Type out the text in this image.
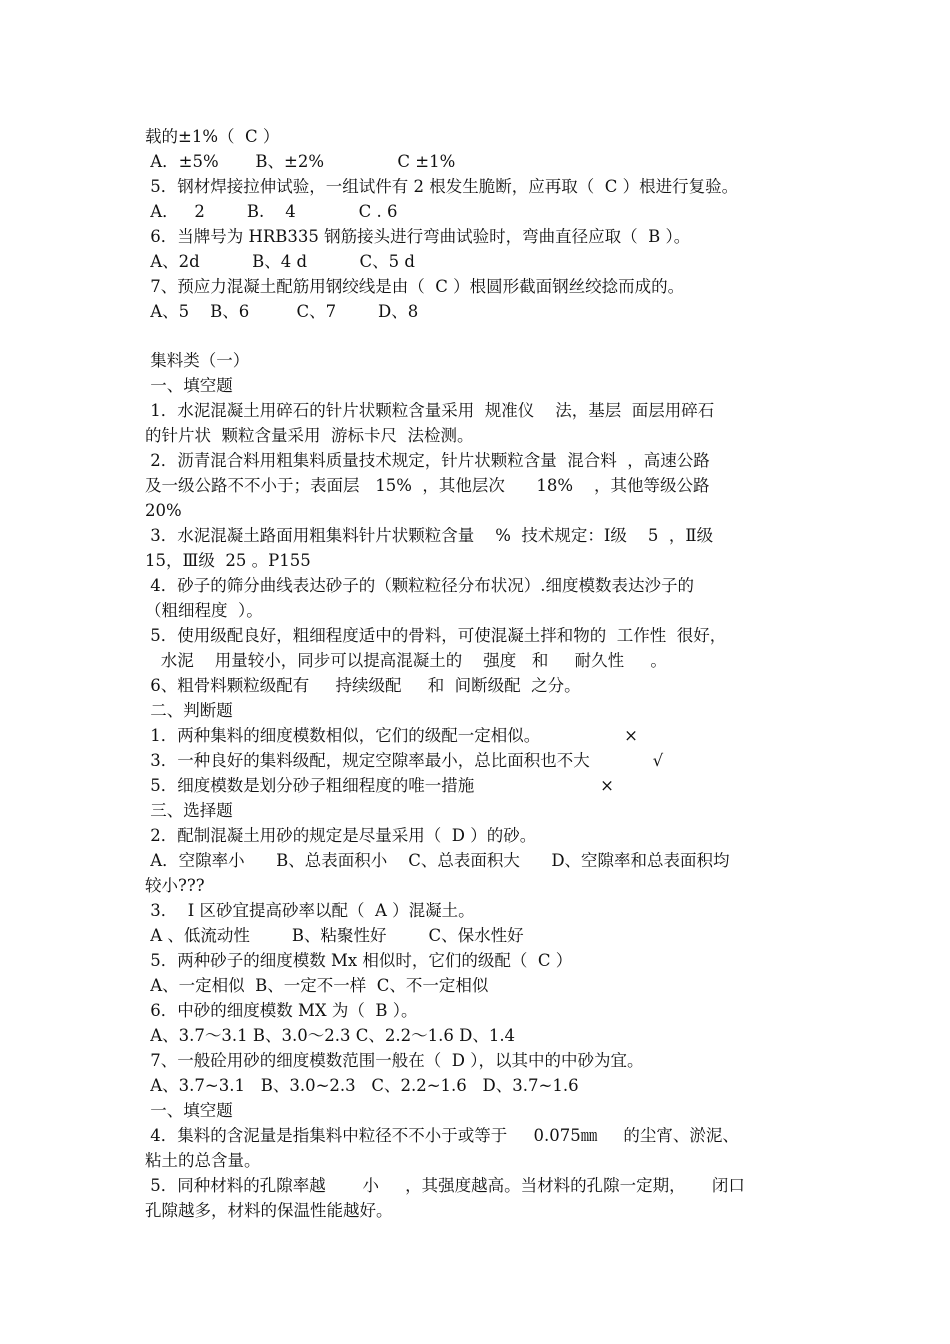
载的±1%（  C ）
A．±5%       B、±2%              C ±1%
5．钢材焊接拉伸试验，一组试件有 2 根发生脆断，应再取（  C ）根进行复验。
A．   2        B.    4            C . 6
6．当牌号为 HRB335 钢筋接头进行弯曲试验时，弯曲直径应取（  B ）。
A、2d          B、4 d          C、5 d
7、预应力混凝土配筋用钢绞线是由（  C ）根圆形截面钢丝绞捻而成的。
A、5    B、6         C、7        D、8
集料类（一）
一、填空题
1．水泥混凝土用碎石的针片状颗粒含量采用  规准仪    法，基层  面层用碎石
的针片状  颗粒含量采用  游标卡尺  法检测。
2．沥青混合料用粗集料质量技术规定，针片状颗粒含量  混合料  ，高速公路
及一级公路不不小于；表面层   15%  ，其他层次      18%    ，其他等级公路
20%
3．水泥混凝土路面用粗集料针片状颗粒含量    %  技术规定：Ⅰ级    5  ，Ⅱ级
15，Ⅲ级  25 。P155
4．砂子的筛分曲线表达砂子的（颗粒粒径分布状况）.细度模数表达沙子的
（粗细程度  ）。
5．使用级配良好，粗细程度适中的骨料，可使混凝土拌和物的  工作性  很好，
水泥    用量较小，同步可以提高混凝土的    强度   和     耐久性     。
6、粗骨料颗粒级配有     持续级配     和  间断级配  之分。
二、判断题
1．两种集料的细度模数相似，它们的级配一定相似。                ×
3．一种良好的集料级配，规定空隙率最小，总比面积也不大            √
5．细度模数是划分砂子粗细程度的唯一措施                        ×
三、选择题
2．配制混凝土用砂的规定是尽量采用（  D ）的砂。
A．空隙率小      B、总表面积小    C、总表面积大      D、空隙率和总表面积均
较小???
3．  I 区砂宜提高砂率以配（  A ）混凝土。
A 、低流动性        B、粘聚性好        C、保水性好
5．两种砂子的细度模数 Mx 相似时，它们的级配（  C ）
A、一定相似  B、一定不一样  C、不一定相似
6．中砂的细度模数 MX 为（  B ）。
A、3.7～3.1 B、3.0～2.3 C、2.2～1.6 D、1.4
7、一般砼用砂的细度模数范围一般在（  D ），以其中的中砂为宜。
A、3.7~3.1   B、3.0~2.3   C、2.2~1.6   D、3.7~1.6
一、填空题
4．集料的含泥量是指集料中粒径不不小于或等于     0.075㎜     的尘宵、淤泥、
粘土的总含量。
5．同种材料的孔隙率越       小     ，其强度越高。当材料的孔隙一定期，     闭口
孔隙越多，材料的保温性能越好。
